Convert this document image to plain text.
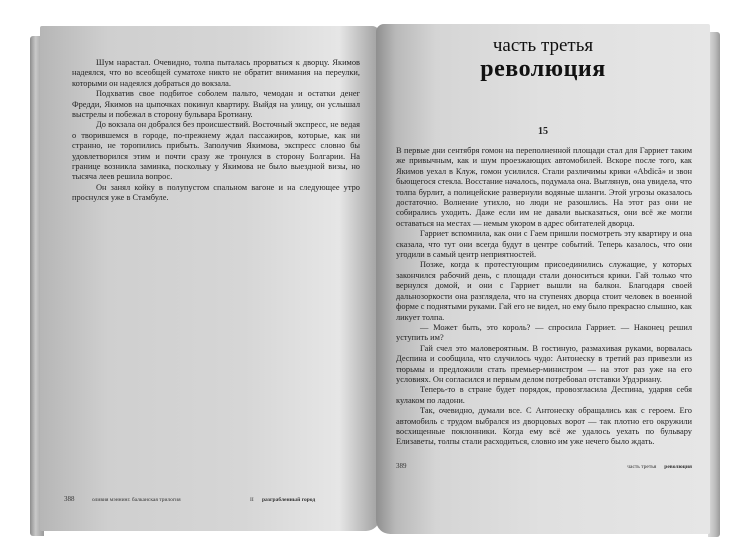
Шум нарастал. Очевидно, толпа пыталась прорваться к дворцу. Якимов надеялся, что во всеобщей суматохе никто не обратит внимания на переулки, которыми он надеялся добраться до вокзала.

Подхватив свое подбитое соболем пальто, чемодан и остатки денег Фредди, Якимов на цыпочках покинул квартиру. Выйдя на улицу, он услышал выстрелы и побежал в сторону бульвара Бротиану.

До вокзала он добрался без происшествий. Восточный экспресс, не ведая о творившемся в городе, по-прежнему ждал пассажиров, которые, как ни странно, не торопились прибыть. Заполучив Якимова, экспресс словно бы удовлетворился этим и почти сразу же тронулся в сторону Болгарии. На границе возникла заминка, поскольку у Якимова не было выездной визы, но тысяча леев решила вопрос.

Он занял койку в полупустом спальном вагоне и на следующее утро проснулся уже в Стамбуле.

388	оливия мэннинг. балканская трилогия	II разграбленный город
часть третья
революция
15

В первые дни сентября гомон на переполненной площади стал для Гарриет таким же привычным, как и шум проезжающих автомобилей. Вскоре после того, как Якимов уехал в Клуж, гомон усилился. Стали различимы крики «Abdică» и звон бьющегося стекла. Восстание началось, подумала она. Выглянув, она увидела, что толпа бурлит, а полицейские развернули водяные шланги. Этой угрозы оказалось достаточно. Волнение утихло, но люди не разошлись. На этот раз они не собирались уходить. Даже если им не давали высказаться, они всё же могли оставаться на местах — немым укором в адрес обитателей дворца.

Гарриет вспомнила, как они с Гаем пришли посмотреть эту квартиру и она сказала, что тут они всегда будут в центре событий. Теперь казалось, что они угодили в самый центр неприятностей.

Позже, когда к протестующим присоединились служащие, у которых закончился рабочий день, с площади стали доноситься крики. Гай только что вернулся домой, и они с Гарриет вышли на балкон. Благодаря своей дальнозоркости она разглядела, что на ступенях дворца стоит человек в военной форме с поднятыми руками. Гай его не видел, но ему было прекрасно слышно, как ликует толпа.

— Может быть, это король? — спросила Гарриет. — Наконец решил уступить им?

Гай счел это маловероятным. В гостиную, размахивая руками, ворвалась Деспина и сообщила, что случилось чудо: Антонеску в третий раз привезли из тюрьмы и предложили стать премьер-министром — на этот раз уже на его условиях. Он согласился и первым делом потребовал отставки Урдэриану.

Теперь-то в стране будет порядок, провозгласила Деспина, ударяя себя кулаком по ладони.

Так, очевидно, думали все. С Антонеску обращались как с героем. Его автомобиль с трудом выбрался из дворцовых ворот — так плотно его окружили восхищенные поклонники. Когда ему всё же удалось уехать по бульвару Елизаветы, толпы стали расходиться, словно им уже нечего было ждать.

389	часть третья революция
